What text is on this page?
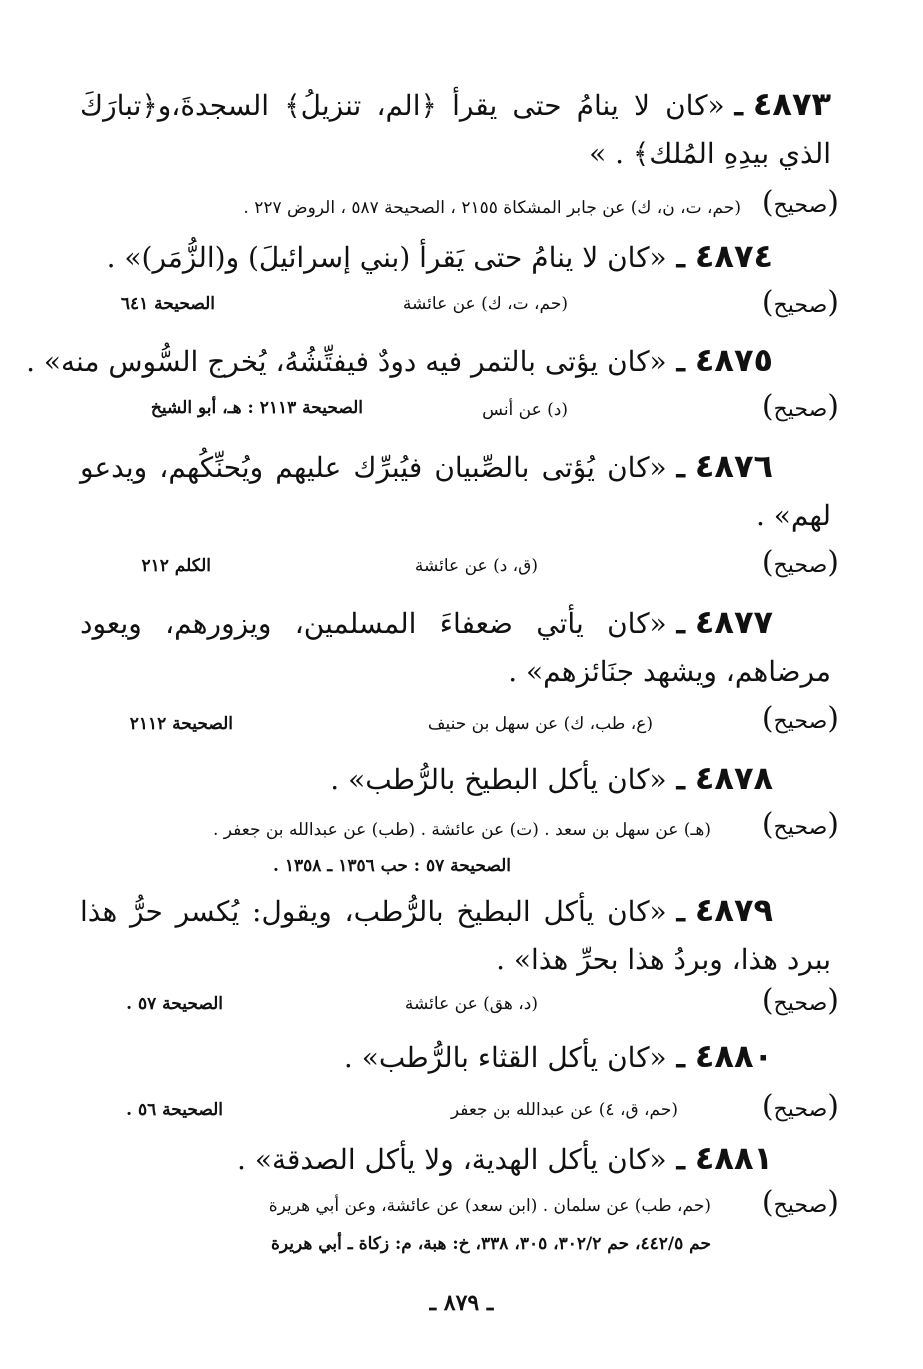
٤٨٧٣ـ«كان لا ينامُ حتى يقرأ ﴿الم، تنزيلُ﴾ السجدةَ،و﴿تبارَكَ
الذي بيدِهِ المُلك﴾ . »
(صحيح)
(حم، ت، ن، ك) عن جابر المشكاة ٢١٥٥ ، الصحيحة ٥٨٧ ، الروض ٢٢٧ .
٤٨٧٤ـ«كان لا ينامُ حتى يَقرأ (بني إسرائيلَ) و(الزُّمَر)» .
(صحيح)
(حم، ت، ك) عن عائشة
الصحيحة ٦٤١
٤٨٧٥ـ«كان يؤتى بالتمر فيه دودٌ فيفتِّشُهُ، يُخرج السُّوس منه» .
(صحيح)
(د) عن أنس
الصحيحة ٢١١٣ : هـ، أبو الشيخ
٤٨٧٦ـ«كان يُؤتى بالصِّبيان فيُبرِّك عليهم ويُحنِّكُهم، ويدعو
لهم» .
(صحيح)
(ق، د) عن عائشة
الكلم ٢١٢
٤٨٧٧ـ«كان يأتي ضعفاءَ المسلمين، ويزورهم، ويعود
مرضاهم، ويشهد جنَائزهم» .
(صحيح)
(ع، طب، ك) عن سهل بن حنيف
الصحيحة ٢١١٢
٤٨٧٨ـ«كان يأكل البطيخ بالرُّطب» .
(صحيح)
(هـ) عن سهل بن سعد . (ت) عن عائشة . (طب) عن عبدالله بن جعفر .
الصحيحة ٥٧ : حب ١٣٥٦ ـ ١٣٥٨ .
٤٨٧٩ـ«كان يأكل البطيخ بالرُّطب، ويقول: يُكسر حرُّ هذا
ببرد هذا، وبردُ هذا بحرِّ هذا» .
(صحيح)
(د، هق) عن عائشة
الصحيحة ٥٧ .
٤٨٨٠ـ«كان يأكل القثاء بالرُّطب» .
(صحيح)
(حم، ق، ٤) عن عبدالله بن جعفر
الصحيحة ٥٦ .
٤٨٨١ـ«كان يأكل الهدية، ولا يأكل الصدقة» .
(صحيح)
(حم، طب) عن سلمان . (ابن سعد) عن عائشة، وعن أبي هريرة
حم ٤٤٢/٥، حم ٣٠٢/٢، ٣٠٥، ٣٣٨، خ: هبة، م: زكاة ـ أبي هريرة
ـ ٨٧٩ ـ
